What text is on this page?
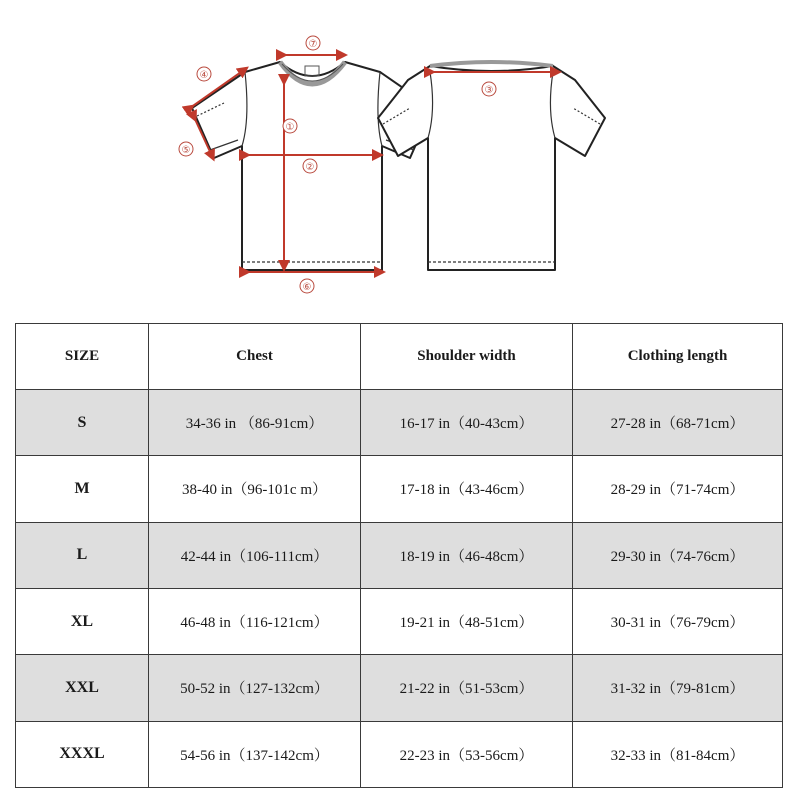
①
②
③
④
⑤
⑥
⑦
SIZE	Chest	Shoulder width	Clothing length
S	34-36 in （86-91cm）	16-17 in（40-43cm）	27-28 in（68-71cm）
M	38-40 in（96-101c m）	17-18 in（43-46cm）	28-29 in（71-74cm）
L	42-44 in（106-111cm）	18-19 in（46-48cm）	29-30 in（74-76cm）
XL	46-48 in（116-121cm）	19-21 in（48-51cm）	30-31 in（76-79cm）
XXL	50-52 in（127-132cm）	21-22 in（51-53cm）	31-32 in（79-81cm）
XXXL	54-56 in（137-142cm）	22-23 in（53-56cm）	32-33 in（81-84cm）
